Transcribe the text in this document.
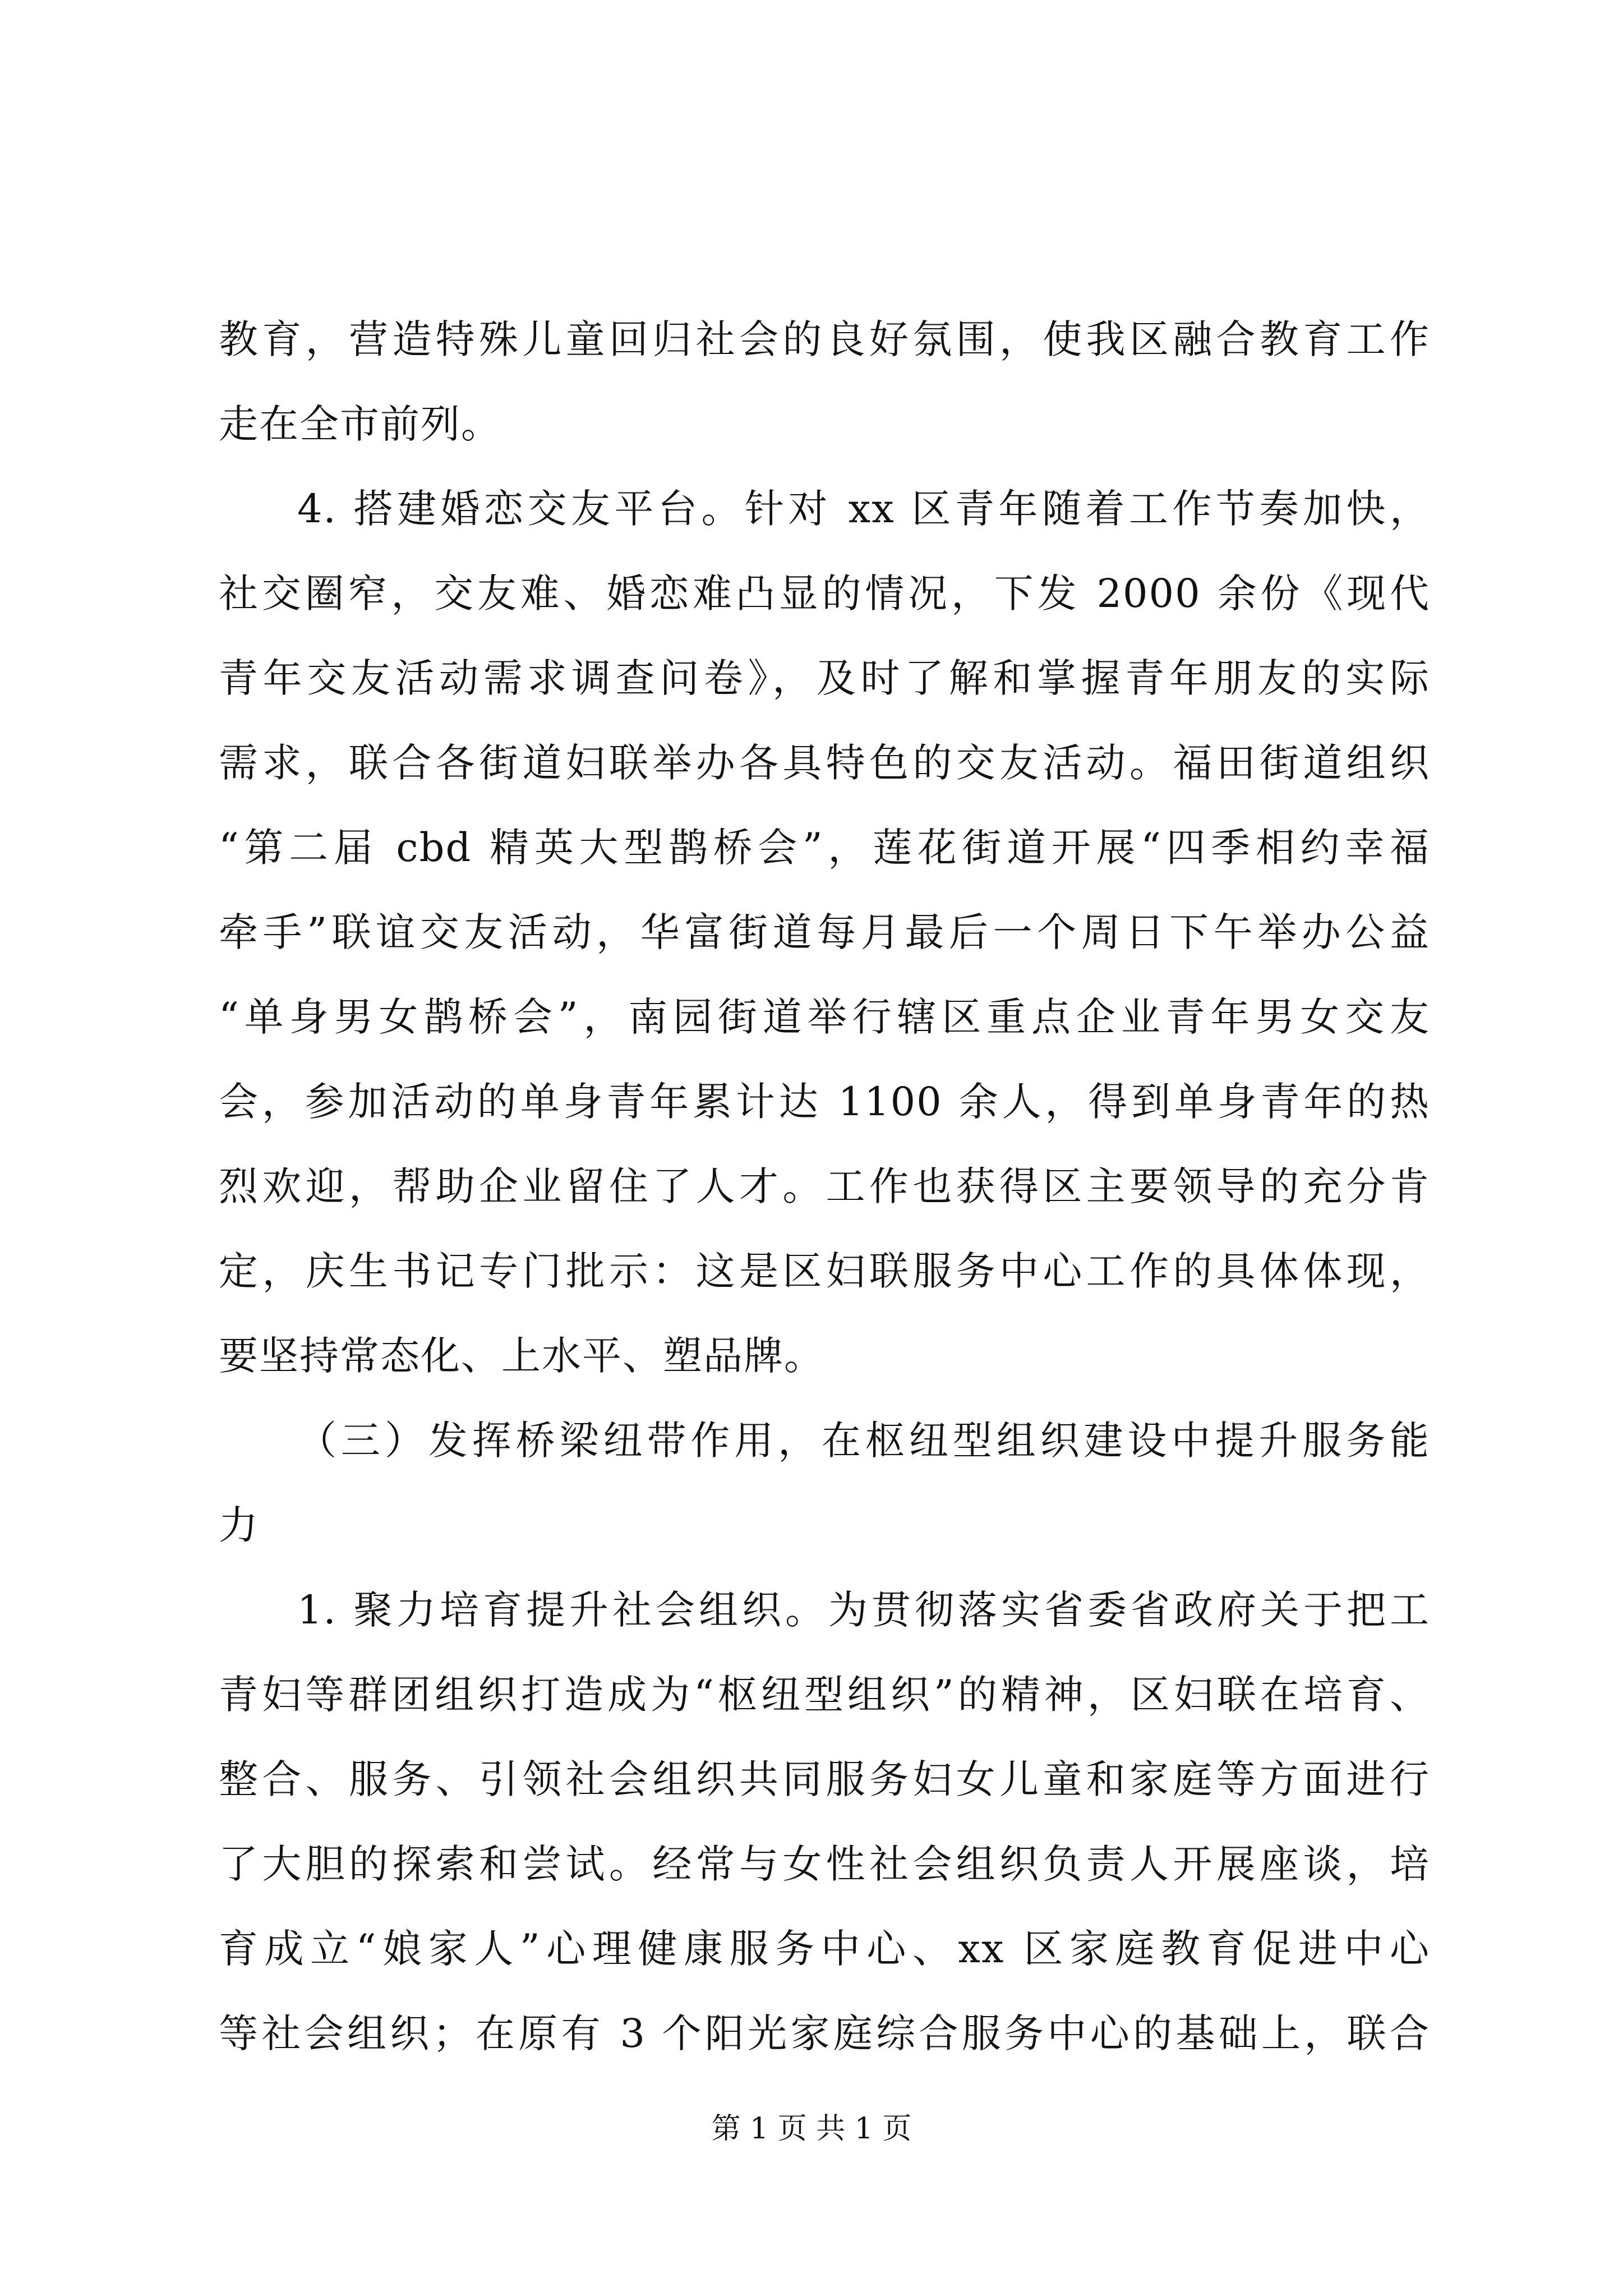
教育，营造特殊儿童回归社会的良好氛围，使我区融合教育工作
走在全市前列。
4. 搭建婚恋交友平台。针对 xx 区青年随着工作节奏加快，
社交圈窄，交友难、婚恋难凸显的情况，下发 2000 余份《现代
青年交友活动需求调查问卷》，及时了解和掌握青年朋友的实际
需求，联合各街道妇联举办各具特色的交友活动。福田街道组织
“第二届 cbd 精英大型鹊桥会”，莲花街道开展“四季相约幸福
牵手”联谊交友活动，华富街道每月最后一个周日下午举办公益
“单身男女鹊桥会”，南园街道举行辖区重点企业青年男女交友
会，参加活动的单身青年累计达 1100 余人，得到单身青年的热
烈欢迎，帮助企业留住了人才。工作也获得区主要领导的充分肯
定，庆生书记专门批示：这是区妇联服务中心工作的具体体现，
要坚持常态化、上水平、塑品牌。
（三）发挥桥梁纽带作用，在枢纽型组织建设中提升服务能
力
1. 聚力培育提升社会组织。为贯彻落实省委省政府关于把工
青妇等群团组织打造成为“枢纽型组织”的精神，区妇联在培育、
整合、服务、引领社会组织共同服务妇女儿童和家庭等方面进行
了大胆的探索和尝试。经常与女性社会组织负责人开展座谈，培
育成立“娘家人”心理健康服务中心、xx 区家庭教育促进中心
等社会组织；在原有 3 个阳光家庭综合服务中心的基础上，联合
第 1 页 共 1 页
